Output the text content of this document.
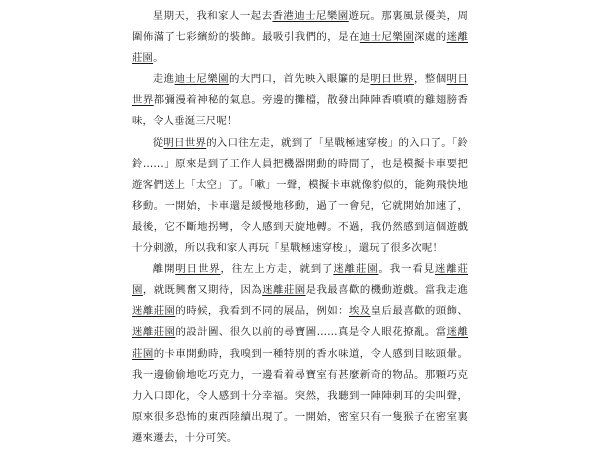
星期天，我和家人一起去香港迪士尼樂園遊玩。那裏風景優美，周圍佈滿了七彩繽紛的裝飾。最吸引我們的，是在迪士尼樂園深處的迷離莊園。

走進迪士尼樂園的大門口，首先映入眼簾的是明日世界，整個明日世界都彌漫着神秘的氣息。旁邊的攤檔，散發出陣陣香噴噴的雞翅膀香味，令人垂涎三尺呢！

從明日世界的入口往左走，就到了「星戰極速穿梭」的入口了。「鈴鈴……」原來是到了工作人員把機器開動的時間了，也是模擬卡車要把遊客們送上「太空」了。「嗽」一聲，模擬卡車就像豹似的，能夠飛快地移動。一開始，卡車還是緩慢地移動，過了一會兒，它就開始加速了，最後，它不斷地拐彎，令人感到天旋地轉。不過，我仍然感到這個遊戲十分刺激，所以我和家人再玩「星戰極速穿梭」，還玩了很多次呢！

離開明日世界，往左上方走，就到了迷離莊園。我一看見迷離莊園，就既興奮又期待，因為迷離莊園是我最喜歡的機動遊戲。當我走進迷離莊園的時候，我看到不同的展品，例如：埃及皇后最喜歡的頭飾、迷離莊園的設計圖、很久以前的尋寶圖……真是令人眼花撩亂。當迷離莊園的卡車開動時，我嗅到一種特別的香水味道，令人感到目眩頭暈。我一邊偷偷地吃巧克力，一邊看着尋寶室有甚麼新奇的物品。那顆巧克力入口即化，令人感到十分幸福。突然，我聽到一陣陣刺耳的尖叫聲，原來很多恐怖的東西陸續出現了。一開始，密室只有一隻猴子在密室裏遷來遷去，十分可笑。
